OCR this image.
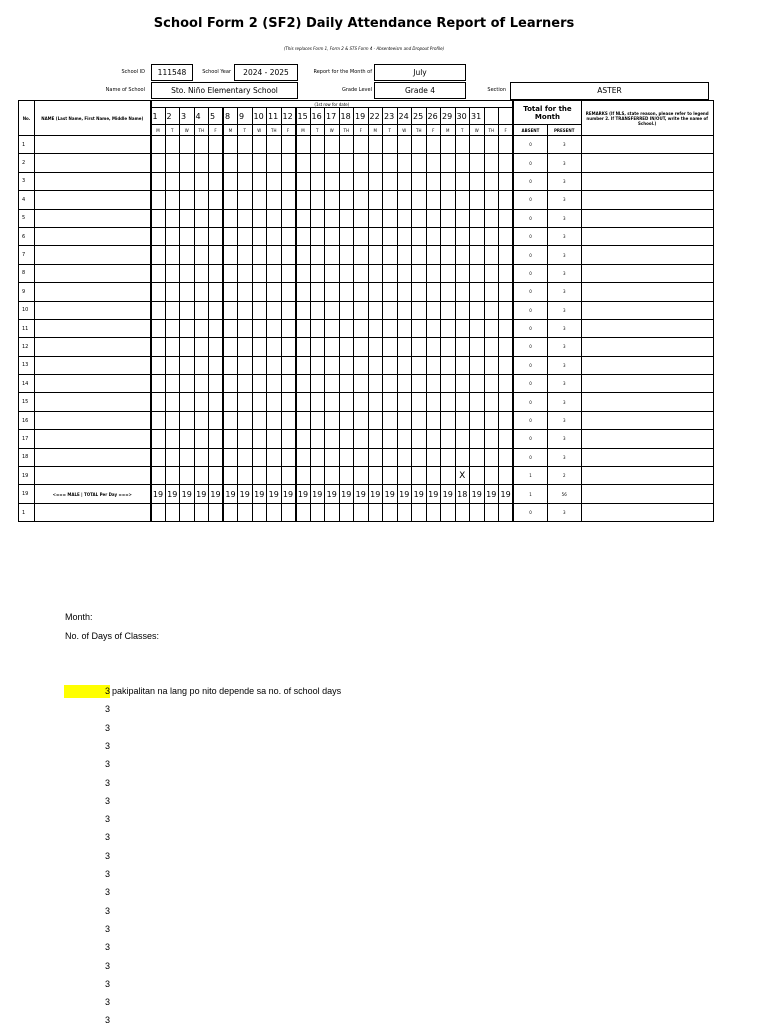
School Form 2 (SF2) Daily Attendance Report of Learners
(This replaces Form 1, Form 2 & STS Form 4 - Absenteeism and Dropout Profile)
School ID	111548	School Year	2024 - 2025	Report for the Month of	July
Name of School	Sto. Niño Elementary School	Grade Level	Grade 4	Section	ASTER
No.	NAME (Last Name, First Name, Middle Name)	(1st row for date)																									Total for the Month		REMARKS (If NLS, state reason, please refer to legend number 2. If TRANSFERRED IN/OUT, write the name of School.)
		1	2	3	4	5	8	9	10	11	12	15	16	17	18	19	22	23	24	25	26	29	30	31					
		M	T	W	TH	F	M	T	W	TH	F	M	T	W	TH	F	M	T	W	TH	F	M	T	W	TH	F	ABSENT	PRESENT	
1																											0	3	
2																											0	3	
3																											0	3	
4																											0	3	
5																											0	3	
6																											0	3	
7																											0	3	
8																											0	3	
9																											0	3	
10																											0	3	
11																											0	3	
12																											0	3	
13																											0	3	
14																											0	3	
15																											0	3	
16																											0	3	
17																											0	3	
18																											0	3	
19																							X				1	2	
19	<=== MALE | TOTAL Per Day ===>	19	19	19	19	19	19	19	19	19	19	19	19	19	19	19	19	19	19	19	19	19	18	19	19	19	1	56	
1																											0	3	
Month:
No. of Days of Classes:
3 pakipalitan na lang po nito depende sa no. of school days
3
3
3
3
3
3
3
3
3
3
3
3
3
3
3
3
3
3
